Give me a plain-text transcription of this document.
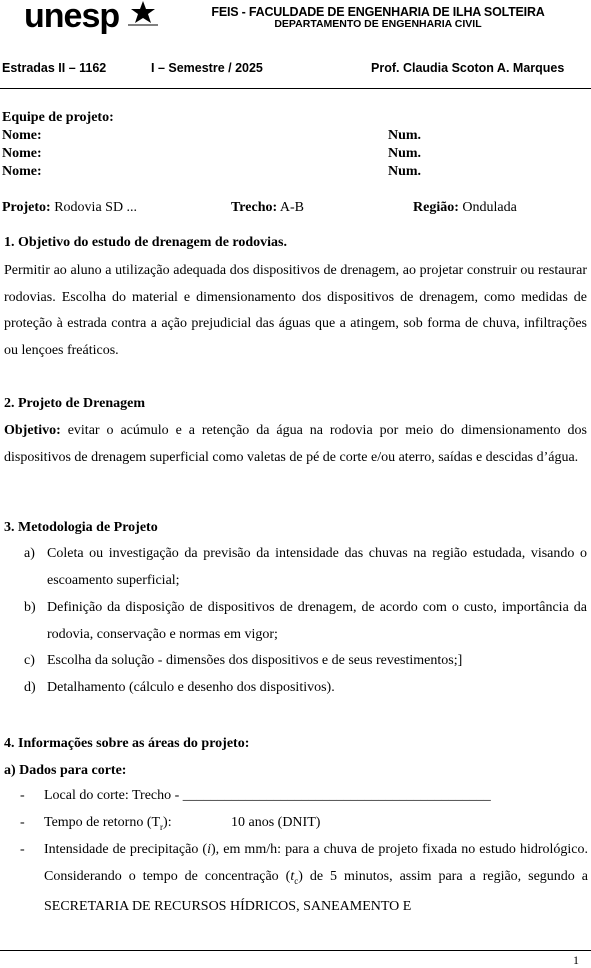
unesp	FEIS - FACULDADE DE ENGENHARIA DE ILHA SOLTEIRA
DEPARTAMENTO DE ENGENHARIA CIVIL
Estradas II – 1162	I – Semestre / 2025	Prof. Claudia Scoton A. Marques
Equipe de projeto:
Nome:	Num.
Nome:	Num.
Nome:	Num.
Projeto: Rodovia SD ...	Trecho: A-B	Região: Ondulada
1. Objetivo do estudo de drenagem de rodovias.
Permitir ao aluno a utilização adequada dos dispositivos de drenagem, ao projetar construir ou restaurar rodovias. Escolha do material e dimensionamento dos dispositivos de drenagem, como medidas de proteção à estrada contra a ação prejudicial das águas que a atingem, sob forma de chuva, infiltrações ou lençoes freáticos.
2. Projeto de Drenagem
Objetivo: evitar o acúmulo e a retenção da água na rodovia por meio do dimensionamento dos dispositivos de drenagem superficial como valetas de pé de corte e/ou aterro, saídas e descidas d’água.
3. Metodologia de Projeto
a) Coleta ou investigação da previsão da intensidade das chuvas na região estudada, visando o escoamento superficial;
b) Definição da disposição de dispositivos de drenagem, de acordo com o custo, importância da rodovia, conservação e normas em vigor;
c) Escolha da solução - dimensões dos dispositivos e de seus revestimentos;]
d) Detalhamento (cálculo e desenho dos dispositivos).
4. Informações sobre as áreas do projeto:
a) Dados para corte:
- Local do corte: Trecho - ____________________________________________
- Tempo de retorno $(T_r)$:	10 anos (DNIT)
- Intensidade de precipitação (i), em mm/h: para a chuva de projeto fixada no estudo hidrológico. Considerando o tempo de concentração $(t_c)$ de 5 minutos, assim para a região, segundo a SECRETARIA DE RECURSOS HÍDRICOS, SANEAMENTO E
1
